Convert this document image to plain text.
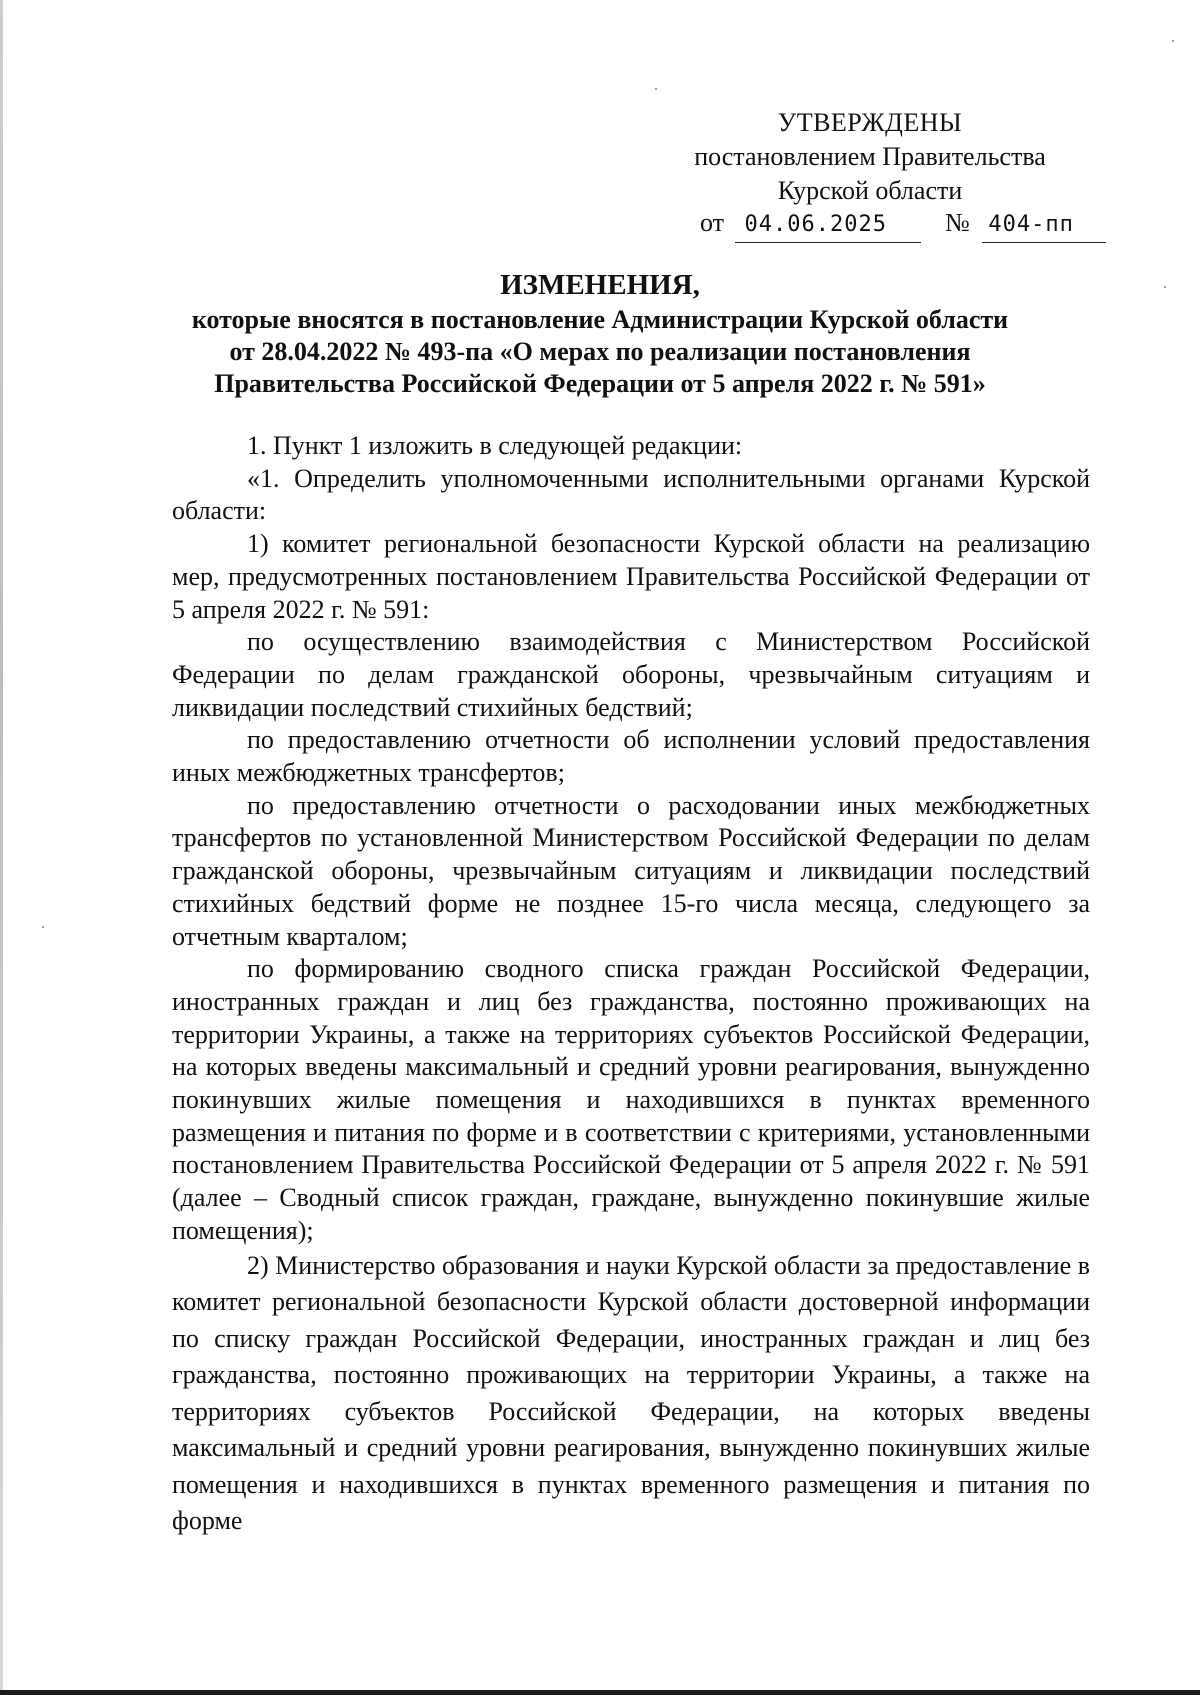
УТВЕРЖДЕНЫ
постановлением Правительства
Курской области
от 04.06.2025 № 404-пп
ИЗМЕНЕНИЯ,
которые вносятся в постановление Администрации Курской области
от 28.04.2022 № 493-па «О мерах по реализации постановления
Правительства Российской Федерации от 5 апреля 2022 г. № 591»

1. Пункт 1 изложить в следующей редакции:

«1. Определить уполномоченными исполнительными органами Курской области:

1) комитет региональной безопасности Курской области на реализацию мер, предусмотренных постановлением Правительства Российской Федерации от 5 апреля 2022 г. № 591:

по осуществлению взаимодействия с Министерством Российской Федерации по делам гражданской обороны, чрезвычайным ситуациям и ликвидации последствий стихийных бедствий;

по предоставлению отчетности об исполнении условий предоставления иных межбюджетных трансфертов;

по предоставлению отчетности о расходовании иных межбюджетных трансфертов по установленной Министерством Российской Федерации по делам гражданской обороны, чрезвычайным ситуациям и ликвидации последствий стихийных бедствий форме не позднее 15-го числа месяца, следующего за отчетным кварталом;

по формированию сводного списка граждан Российской Федерации, иностранных граждан и лиц без гражданства, постоянно проживающих на территории Украины, а также на территориях субъектов Российской Федерации, на которых введены максимальный и средний уровни реагирования, вынужденно покинувших жилые помещения и находившихся в пунктах временного размещения и питания по форме и в соответствии с критериями, установленными постановлением Правительства Российской Федерации от 5 апреля 2022 г. № 591 (далее – Сводный список граждан, граждане, вынужденно покинувшие жилые помещения);

2) Министерство образования и науки Курской области за предоставление в комитет региональной безопасности Курской области достоверной информации по списку граждан Российской Федерации, иностранных граждан и лиц без гражданства, постоянно проживающих на территории Украины, а также на территориях субъектов Российской Федерации, на которых введены максимальный и средний уровни реагирования, вынужденно покинувших жилые помещения и находившихся в пунктах временного размещения и питания по форме
